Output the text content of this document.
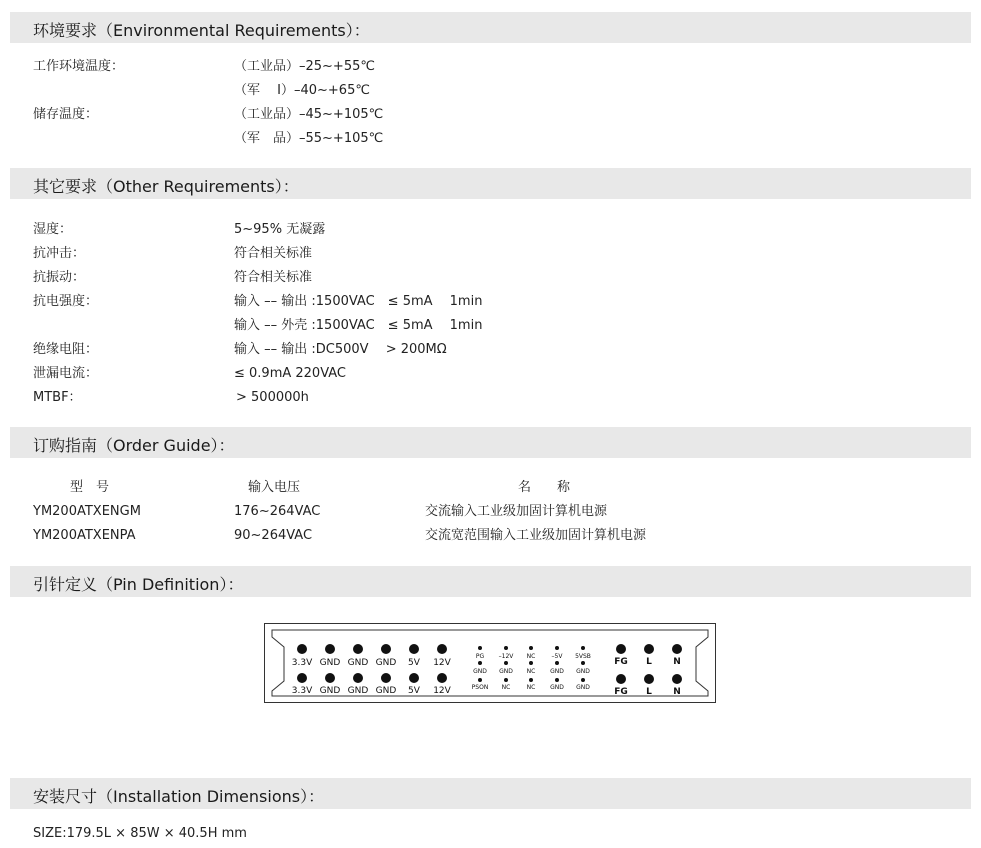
环境要求（Environmental Requirements）：
工作环境温度：	（工业品）–25~+55℃
（军　 Ⅰ）–40~+65℃
储存温度：	（工业品）–45~+105℃
（军　品）–55~+105℃
其它要求（Other Requirements）：
湿度：	5~95% 无凝露
抗冲击：	符合相关标准
抗振动：	符合相关标准
抗电强度：	输入 –– 输出 :1500VAC　≤ 5mA　 1min
输入 –– 外壳 :1500VAC　≤ 5mA　 1min
绝缘电阻：	输入 –– 输出 :DC500V　 > 200MΩ
泄漏电流：	≤ 0.9mA 220VAC
MTBF：	> 500000h
订购指南（Order Guide）：
型　号	输入电压	名　　称
YM200ATXENGM	176~264VAC	交流输入工业级加固计算机电源
YM200ATXENPA	90~264VAC	交流宽范围输入工业级加固计算机电源
引针定义（Pin Definition）：
3.3V GND GND GND 5V 12V
3.3V GND GND GND 5V 12V
PG –12V NC	–5V 5VSB
GND GND NC GND GND
PSON NC	NC GND GND
FG L N
FG L N
安装尺寸（Installation Dimensions）：
SIZE:179.5L × 85W × 40.5H mm
